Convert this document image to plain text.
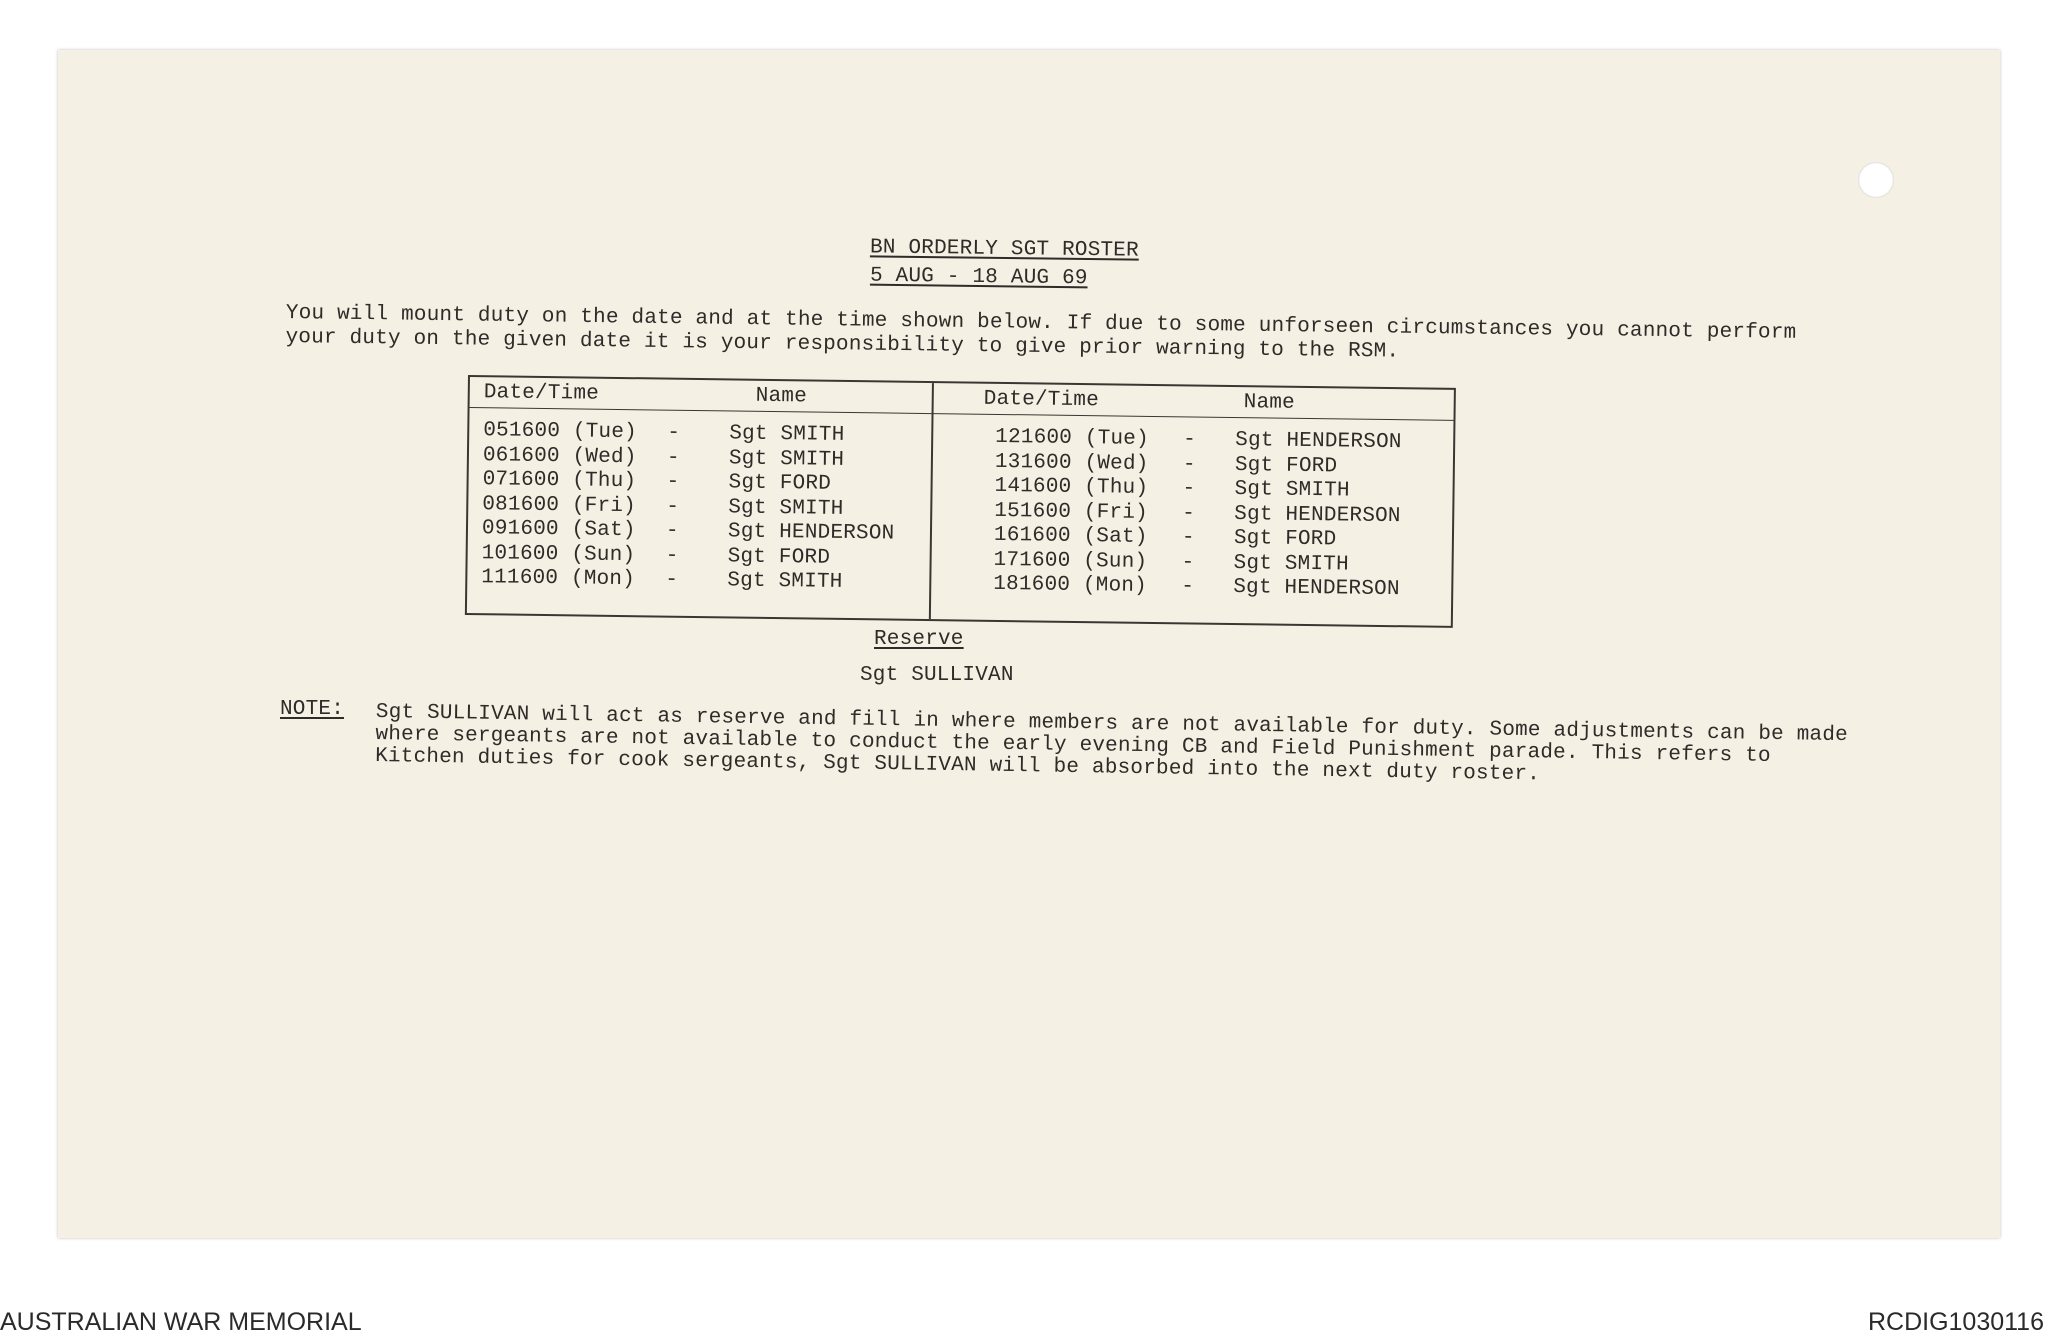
BN ORDERLY SGT ROSTER
5 AUG - 18 AUG 69
You will mount duty on the date and at the time shown below. If due to some unforseen circumstances you cannot perform your duty on the given date it is your responsibility to give prior warning to the RSM.
Date/Time	Name
051600 (Tue) - Sgt SMITH
061600 (Wed) - Sgt SMITH
071600 (Thu) - Sgt FORD
081600 (Fri) - Sgt SMITH
091600 (Sat) - Sgt HENDERSON
101600 (Sun) - Sgt FORD
111600 (Mon) - Sgt SMITH
Date/Time	Name
121600 (Tue) - Sgt HENDERSON
131600 (Wed) - Sgt FORD
141600 (Thu) - Sgt SMITH
151600 (Fri) - Sgt HENDERSON
161600 (Sat) - Sgt FORD
171600 (Sun) - Sgt SMITH
181600 (Mon) - Sgt HENDERSON
Reserve
Sgt SULLIVAN
NOTE: Sgt SULLIVAN will act as reserve and fill in where members are not available for duty. Some adjustments can be made where sergeants are not available to conduct the early evening CB and Field Punishment parade. This refers to Kitchen duties for cook sergeants, Sgt SULLIVAN will be absorbed into the next duty roster.
AUSTRALIAN WAR MEMORIAL	RCDIG1030116
